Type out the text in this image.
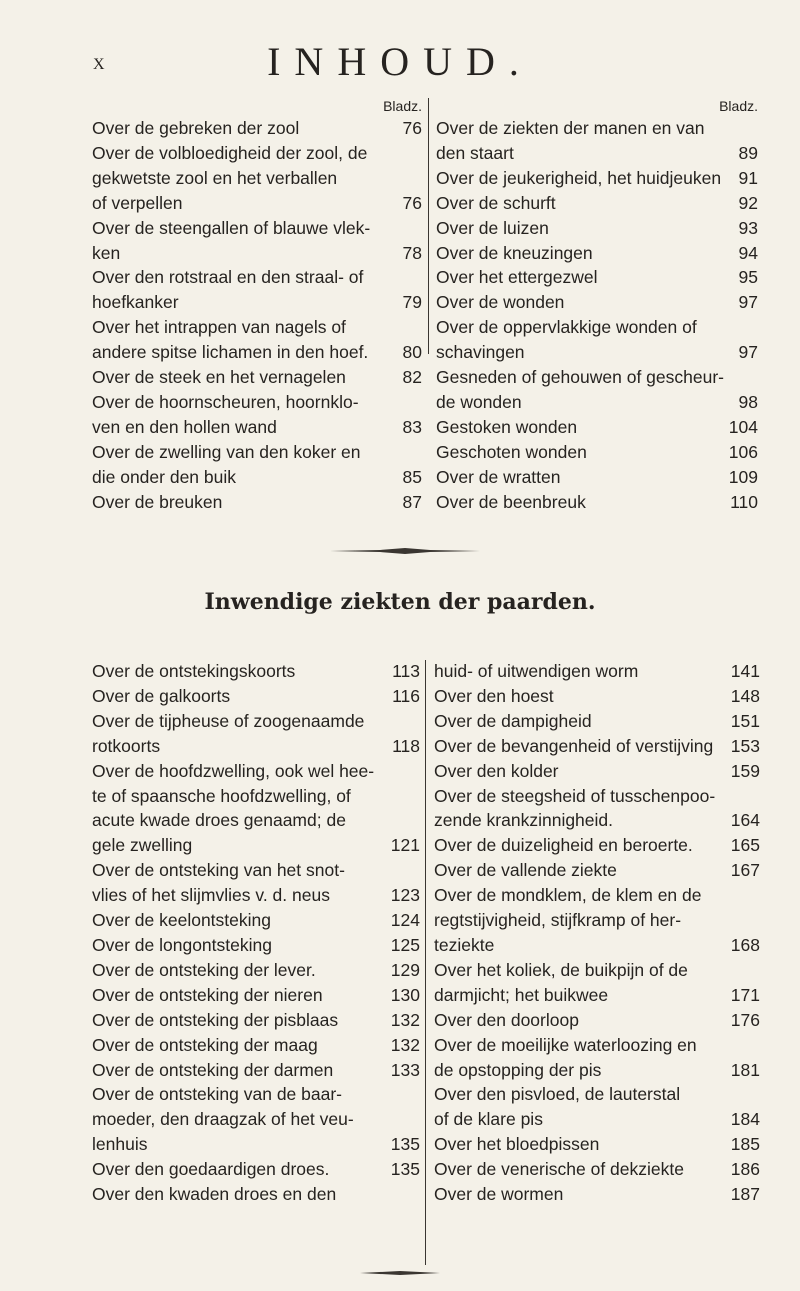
X	INHOUD.
Bladz.
Over de gebreken der zool	76
Over de volbloedigheid der zool, de
gekwetste zool en het verballen
of verpellen	76
Over de steengallen of blauwe vlek-
ken	78
Over den rotstraal en den straal- of
hoefkanker	79
Over het intrappen van nagels of
andere spitse lichamen in den hoef.	80
Over de steek en het vernagelen	82
Over de hoornscheuren, hoornklo-
ven en den hollen wand	83
Over de zwelling van den koker en
die onder den buik	85
Over de breuken	87
Bladz.
Over de ziekten der manen en van
den staart	89
Over de jeukerigheid, het huidjeuken 91
Over de schurft	92
Over de luizen	93
Over de kneuzingen	94
Over het ettergezwel	95
Over de wonden	97
Over de oppervlakkige wonden of
schavingen	97
Gesneden of gehouwen of gescheur-
de wonden	98
Gestoken wonden	104
Geschoten wonden	106
Over de wratten	109
Over de beenbreuk	110
Inwendige ziekten der paarden.
Over de ontstekingskoorts	113
Over de galkoorts	116
Over de tijpheuse of zoogenaamde
rotkoorts	118
Over de hoofdzwelling, ook wel hee-
te of spaansche hoofdzwelling, of
acute kwade droes genaamd; de
gele zwelling	121
Over de ontsteking van het snot-
vlies of het slijmvlies v. d. neus	123
Over de keelontsteking	124
Over de longontsteking	125
Over de ontsteking der lever.	129
Over de ontsteking der nieren	130
Over de ontsteking der pisblaas	132
Over de ontsteking der maag	132
Over de ontsteking der darmen	133
Over de ontsteking van de baar-
moeder, den draagzak of het veu-
lenhuis	135
Over den goedaardigen droes.	135
Over den kwaden droes en den
huid- of uitwendigen worm	141
Over den hoest	148
Over de dampigheid	151
Over de bevangenheid of verstijving	153
Over den kolder	159
Over de steegsheid of tusschenpoo-
zende krankzinnigheid.	164
Over de duizeligheid en beroerte.	165
Over de vallende ziekte	167
Over de mondklem, de klem en de
regtstijvigheid, stijfkramp of her-
teziekte	168
Over het koliek, de buikpijn of de
darmjicht; het buikwee	171
Over den doorloop	176
Over de moeilijke waterloozing en
de opstopping der pis	181
Over den pisvloed, de lauterstal
of de klare pis	184
Over het bloedpissen	185
Over de venerische of dekziekte	186
Over de wormen	187
